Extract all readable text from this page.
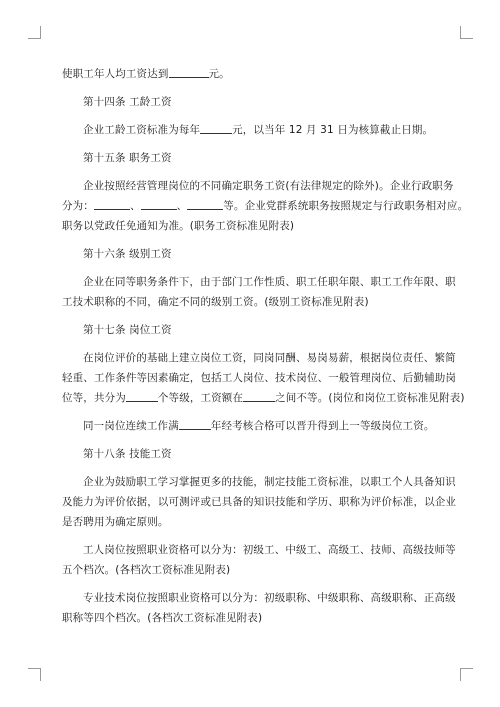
使职工年人均工资达到	元。

第十四条 工龄工资

企业工龄工资标准为每年	元，以当年 12 月 31 日为核算截止日期。

第十五条 职务工资

企业按照经营管理岗位的不同确定职务工资(有法律规定的除外)。企业行政职务

分为：	、	、	等。企业党群系统职务按照规定与行政职务相对应。

职务以党政任免通知为准。(职务工资标准见附表)

第十六条 级别工资

企业在同等职务条件下，由于部门工作性质、职工任职年限、职工工作年限、职

工技术职称的不同，确定不同的级别工资。(级别工资标准见附表)

第十七条 岗位工资

在岗位评价的基础上建立岗位工资，同岗同酬、易岗易薪，根据岗位责任、繁简

轻重、工作条件等因素确定，包括工人岗位、技术岗位、一般管理岗位、后勤辅助岗

位等，共分为	个等级，工资额在	之间不等。(岗位和岗位工资标准见附表)

同一岗位连续工作满	年经考核合格可以晋升得到上一等级岗位工资。

第十八条 技能工资

企业为鼓励职工学习掌握更多的技能，制定技能工资标准，以职工个人具备知识

及能力为评价依据，以可测评或已具备的知识技能和学历、职称为评价标准，以企业

是否聘用为确定原则。

工人岗位按照职业资格可以分为：初级工、中级工、高级工、技师、高级技师等

五个档次。(各档次工资标准见附表)

专业技术岗位按照职业资格可以分为：初级职称、中级职称、高级职称、正高级

职称等四个档次。(各档次工资标准见附表)
